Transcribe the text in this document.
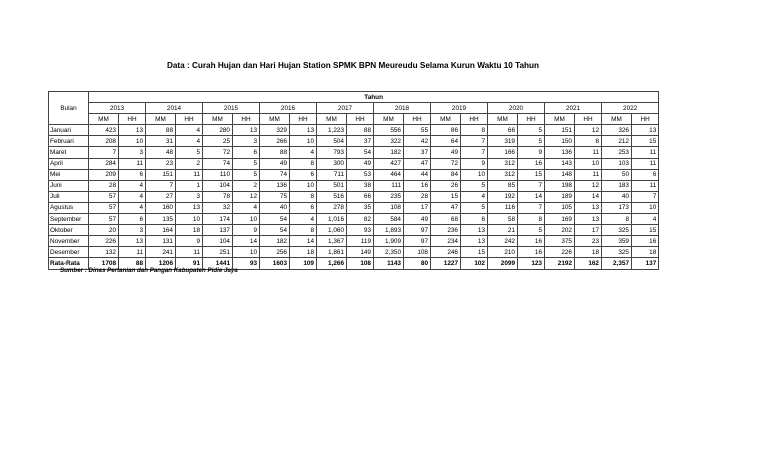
Data : Curah Hujan dan Hari Hujan Station SPMK BPN Meureudu Selama Kurun Waktu 10 Tahun
Bulan	Tahun																			
	2013		2014		2015		2016		2017		2018		2019		2020		2021		2022	
	MM	HH	MM	HH	MM	HH	MM	HH	MM	HH	MM	HH	MM	HH	MM	HH	MM	HH	MM	HH
Januari	423	13	88	4	280	13	329	13	1,223	88	556	55	86	8	66	5	151	12	326	13
Februari	208	10	31	4	25	3	266	10	504	37	322	42	64	7	319	5	150	8	212	15
Maret	7	3	48	5	72	6	88	4	793	54	182	37	49	7	166	9	136	11	253	11
April	284	11	23	2	74	5	49	8	300	49	427	47	72	9	312	16	143	10	103	11
Mei	209	6	151	11	110	5	74	6	711	53	464	44	84	10	312	15	148	11	50	6
Juni	28	4	7	1	104	2	136	10	501	38	111	16	26	5	85	7	198	12	183	11
Juli	57	4	27	3	78	12	75	8	516	66	235	28	15	4	192	14	189	14	40	7
Agustus	57	4	160	13	32	4	40	6	278	35	108	17	47	5	116	7	105	13	173	10
September	57	6	135	10	174	10	54	4	1,016	82	584	49	68	6	58	8	169	13	8	4
Oktober	20	3	164	18	137	9	54	8	1,060	93	1,893	97	236	13	21	5	202	17	325	15
November	226	13	131	9	104	14	182	14	1,367	119	1,909	97	234	13	242	16	375	23	359	16
Desember	132	11	241	11	251	10	256	18	1,861	149	2,350	108	246	15	210	16	226	18	325	18
Rata-Rata	1708	88	1206	91	1441	93	1603	109	1,266	108	1143	80	1227	102	2099	123	2192	162	2,357	137
Sumber : Dinas Pertanian dan Pangan Kabupaten Pidie Jaya
